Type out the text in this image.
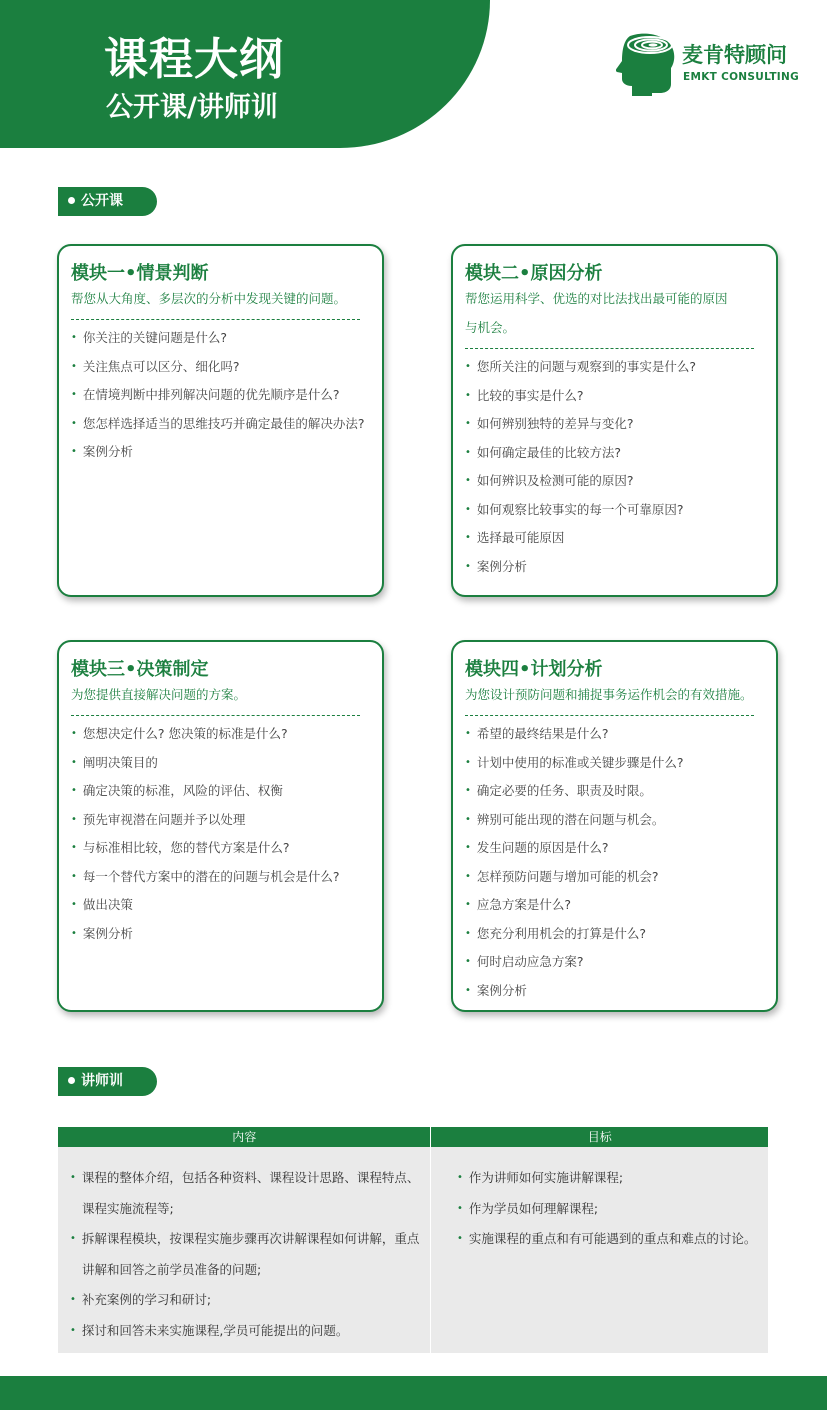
课程大纲
公开课/讲师训
麦肯特顾问
EMKT CONSULTING
公开课
模块一•情景判断
帮您从大角度、多层次的分析中发现关键的问题。
• 你关注的关键问题是什么?
• 关注焦点可以区分、细化吗?
• 在情境判断中排列解决问题的优先顺序是什么?
• 您怎样选择适当的思维技巧并确定最佳的解决办法?
• 案例分析
模块二•原因分析
帮您运用科学、优选的对比法找出最可能的原因
与机会。
• 您所关注的问题与观察到的事实是什么?
• 比较的事实是什么?
• 如何辨别独特的差异与变化?
• 如何确定最佳的比较方法?
• 如何辨识及检测可能的原因?
• 如何观察比较事实的每一个可靠原因?
• 选择最可能原因
• 案例分析
模块三•决策制定
为您提供直接解决问题的方案。
• 您想决定什么? 您决策的标准是什么?
• 阐明决策目的
• 确定决策的标准，风险的评估、权衡
• 预先审视潜在问题并予以处理
• 与标准相比较，您的替代方案是什么?
• 每一个替代方案中的潜在的问题与机会是什么?
• 做出决策
• 案例分析
模块四•计划分析
为您设计预防问题和捕捉事务运作机会的有效措施。
• 希望的最终结果是什么?
• 计划中使用的标准或关键步骤是什么?
• 确定必要的任务、职责及时限。
• 辨别可能出现的潜在问题与机会。
• 发生问题的原因是什么?
• 怎样预防问题与增加可能的机会?
• 应急方案是什么?
• 您充分利用机会的打算是什么?
• 何时启动应急方案?
• 案例分析
讲师训
内容	目标
• 课程的整体介绍，包括各种资料、课程设计思路、课程特点、
课程实施流程等;
• 拆解课程模块，按课程实施步骤再次讲解课程如何讲解，重点
讲解和回答之前学员准备的问题;
• 补充案例的学习和研讨;
• 探讨和回答未来实施课程,学员可能提出的问题。
• 作为讲师如何实施讲解课程;
• 作为学员如何理解课程;
• 实施课程的重点和有可能遇到的重点和难点的讨论。
